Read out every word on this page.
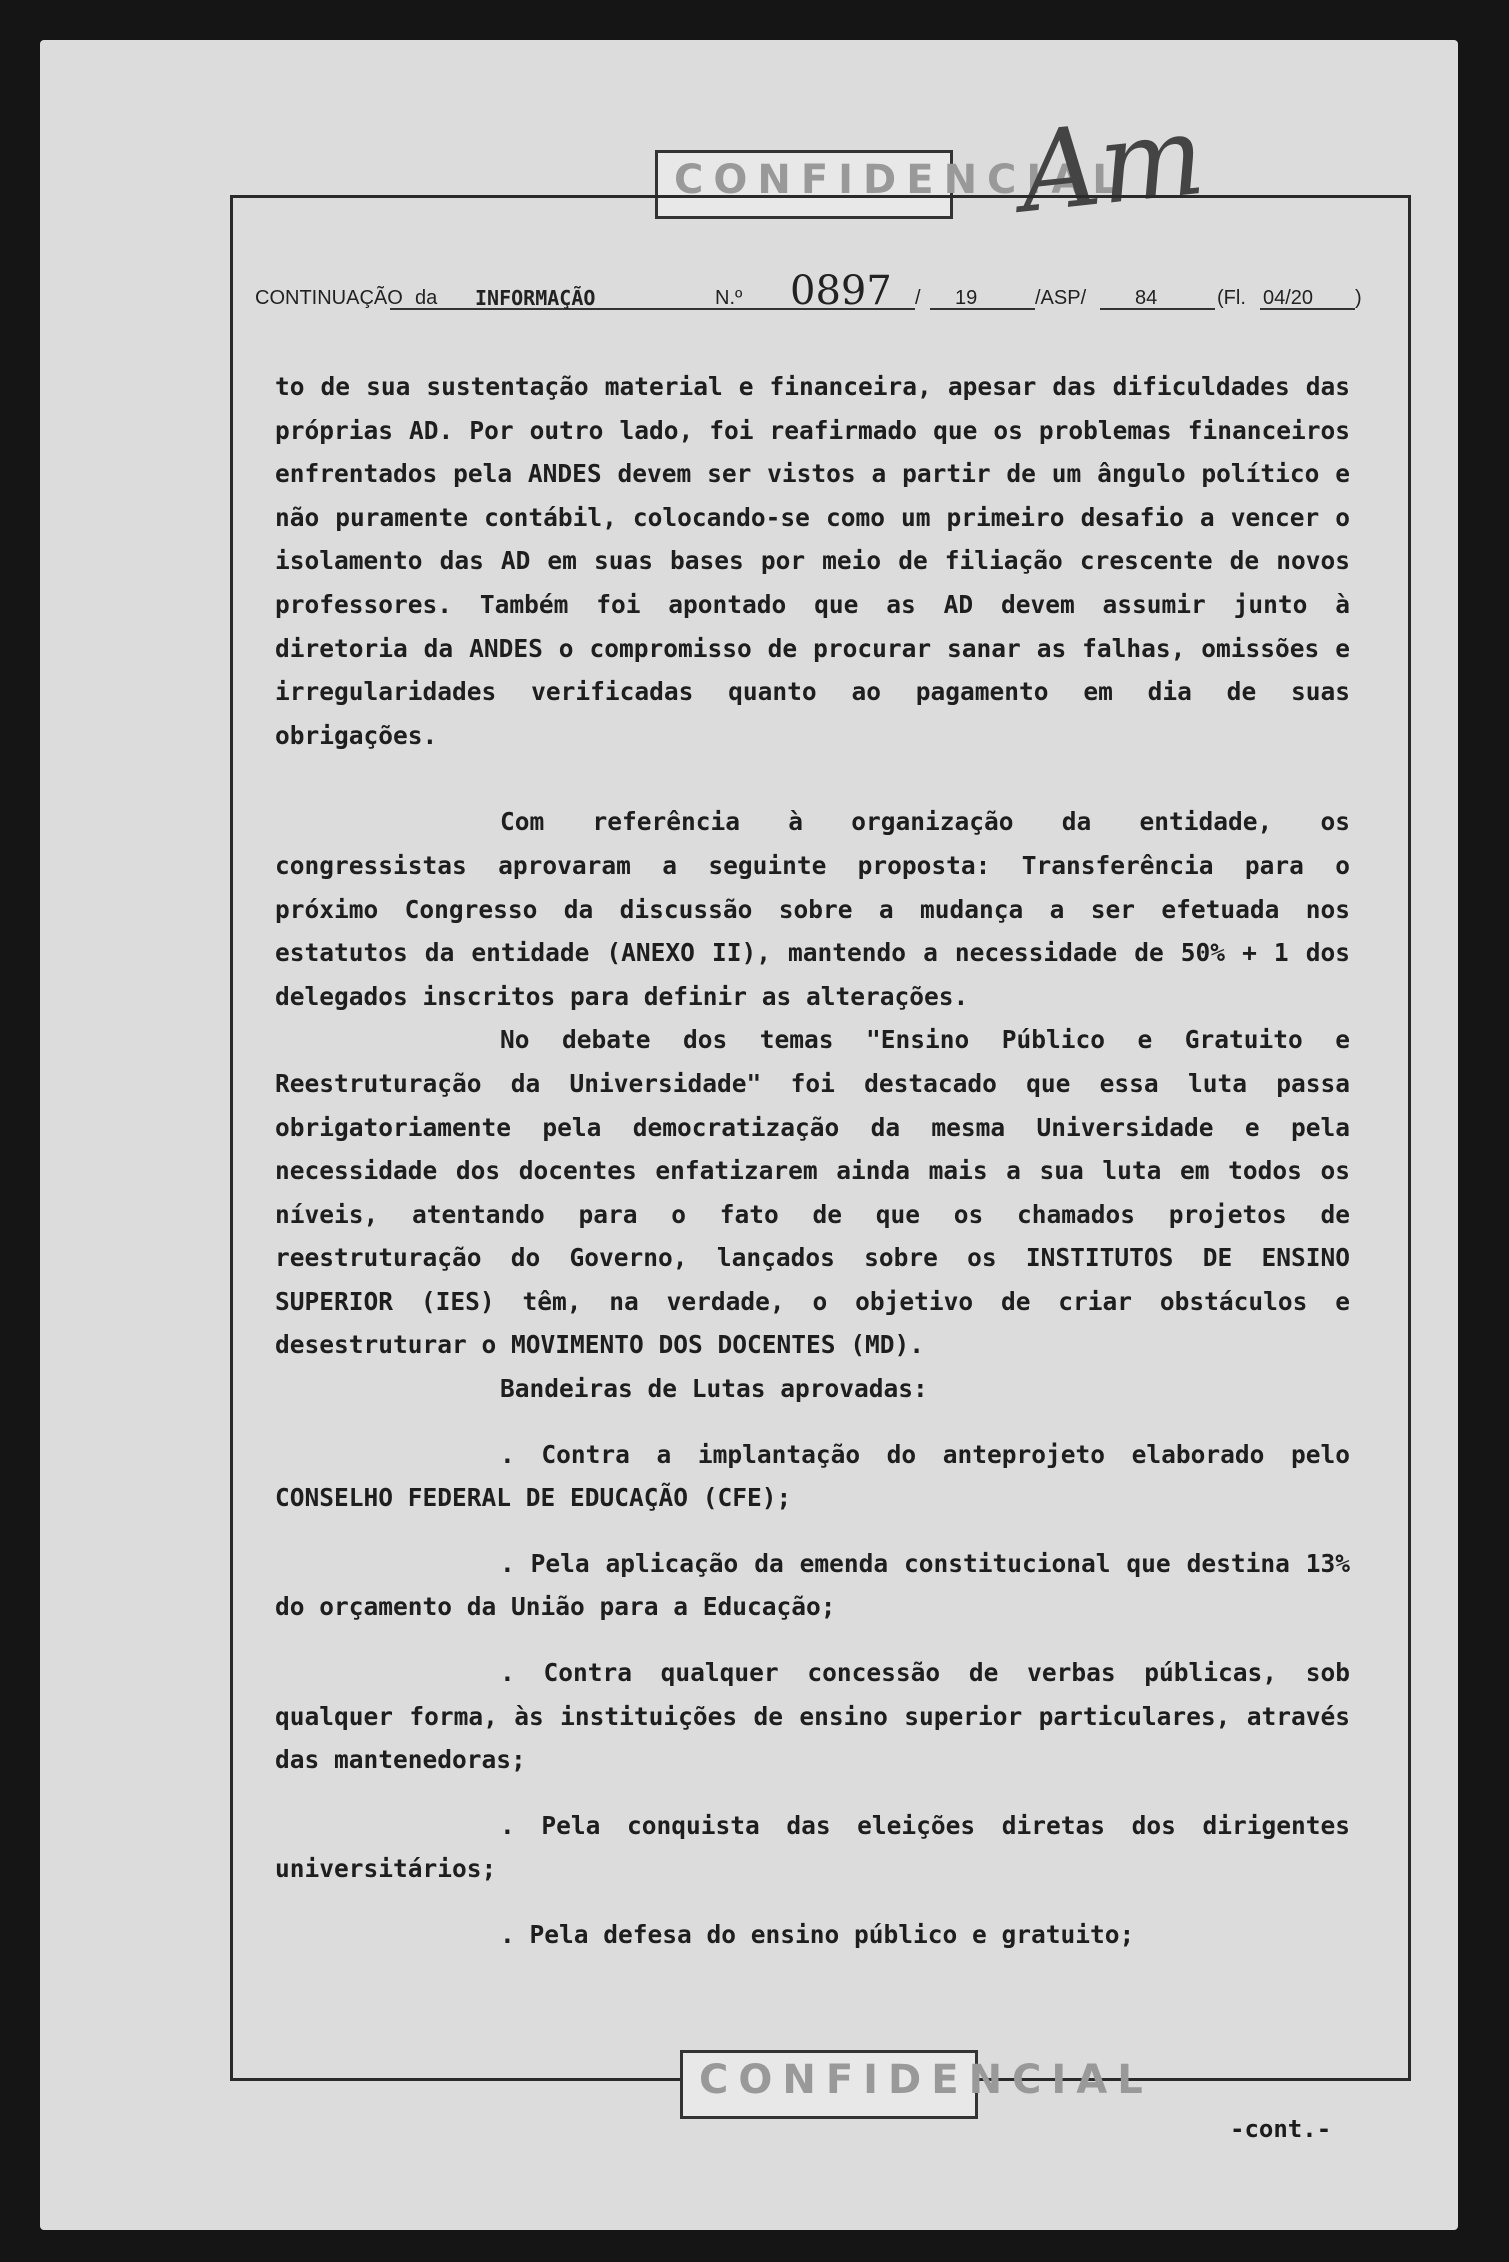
CONFIDENCIAL
Am
CONTINUAÇÃO da INFORMAÇÃO	N.º 0897 / 19	/ASP/ 84	(Fl. 04/20 )

to de sua sustentação material e financeira, apesar das dificuldades das próprias AD. Por outro lado, foi reafirmado que os problemas financeiros enfrentados pela ANDES devem ser vistos a partir de um ângulo político e não puramente contábil, colocando-se como um primeiro desafio a vencer o isolamento das AD em suas bases por meio de filiação crescente de novos professores. Também foi apontado que as AD devem assumir junto à diretoria da ANDES o compromisso de procurar sanar as falhas, omissões e irregularidades verificadas quanto ao pagamento em dia de suas obrigações.

Com referência à organização da entidade, os congressistas aprovaram a seguinte proposta: Transferência para o próximo Congresso da discussão sobre a mudança a ser efetuada nos estatutos da entidade (ANEXO II), mantendo a necessidade de 50% + 1 dos delegados inscritos para definir as alterações.

No debate dos temas "Ensino Público e Gratuito e Reestruturação da Universidade" foi destacado que essa luta passa obrigatoriamente pela democratização da mesma Universidade e pela necessidade dos docentes enfatizarem ainda mais a sua luta em todos os níveis, atentando para o fato de que os chamados projetos de reestruturação do Governo, lançados sobre os INSTITUTOS DE ENSINO SUPERIOR (IES) têm, na verdade, o objetivo de criar obstáculos e desestruturar o MOVIMENTO DOS DOCENTES (MD).

Bandeiras de Lutas aprovadas:

. Contra a implantação do anteprojeto elaborado pelo CONSELHO FEDERAL DE EDUCAÇÃO (CFE);

. Pela aplicação da emenda constitucional que destina 13% do orçamento da União para a Educação;

. Contra qualquer concessão de verbas públicas, sob qualquer forma, às instituições de ensino superior particulares, através das mantenedoras;

. Pela conquista das eleições diretas dos dirigentes universitários;

. Pela defesa do ensino público e gratuito;

CONFIDENCIAL
-cont.-
